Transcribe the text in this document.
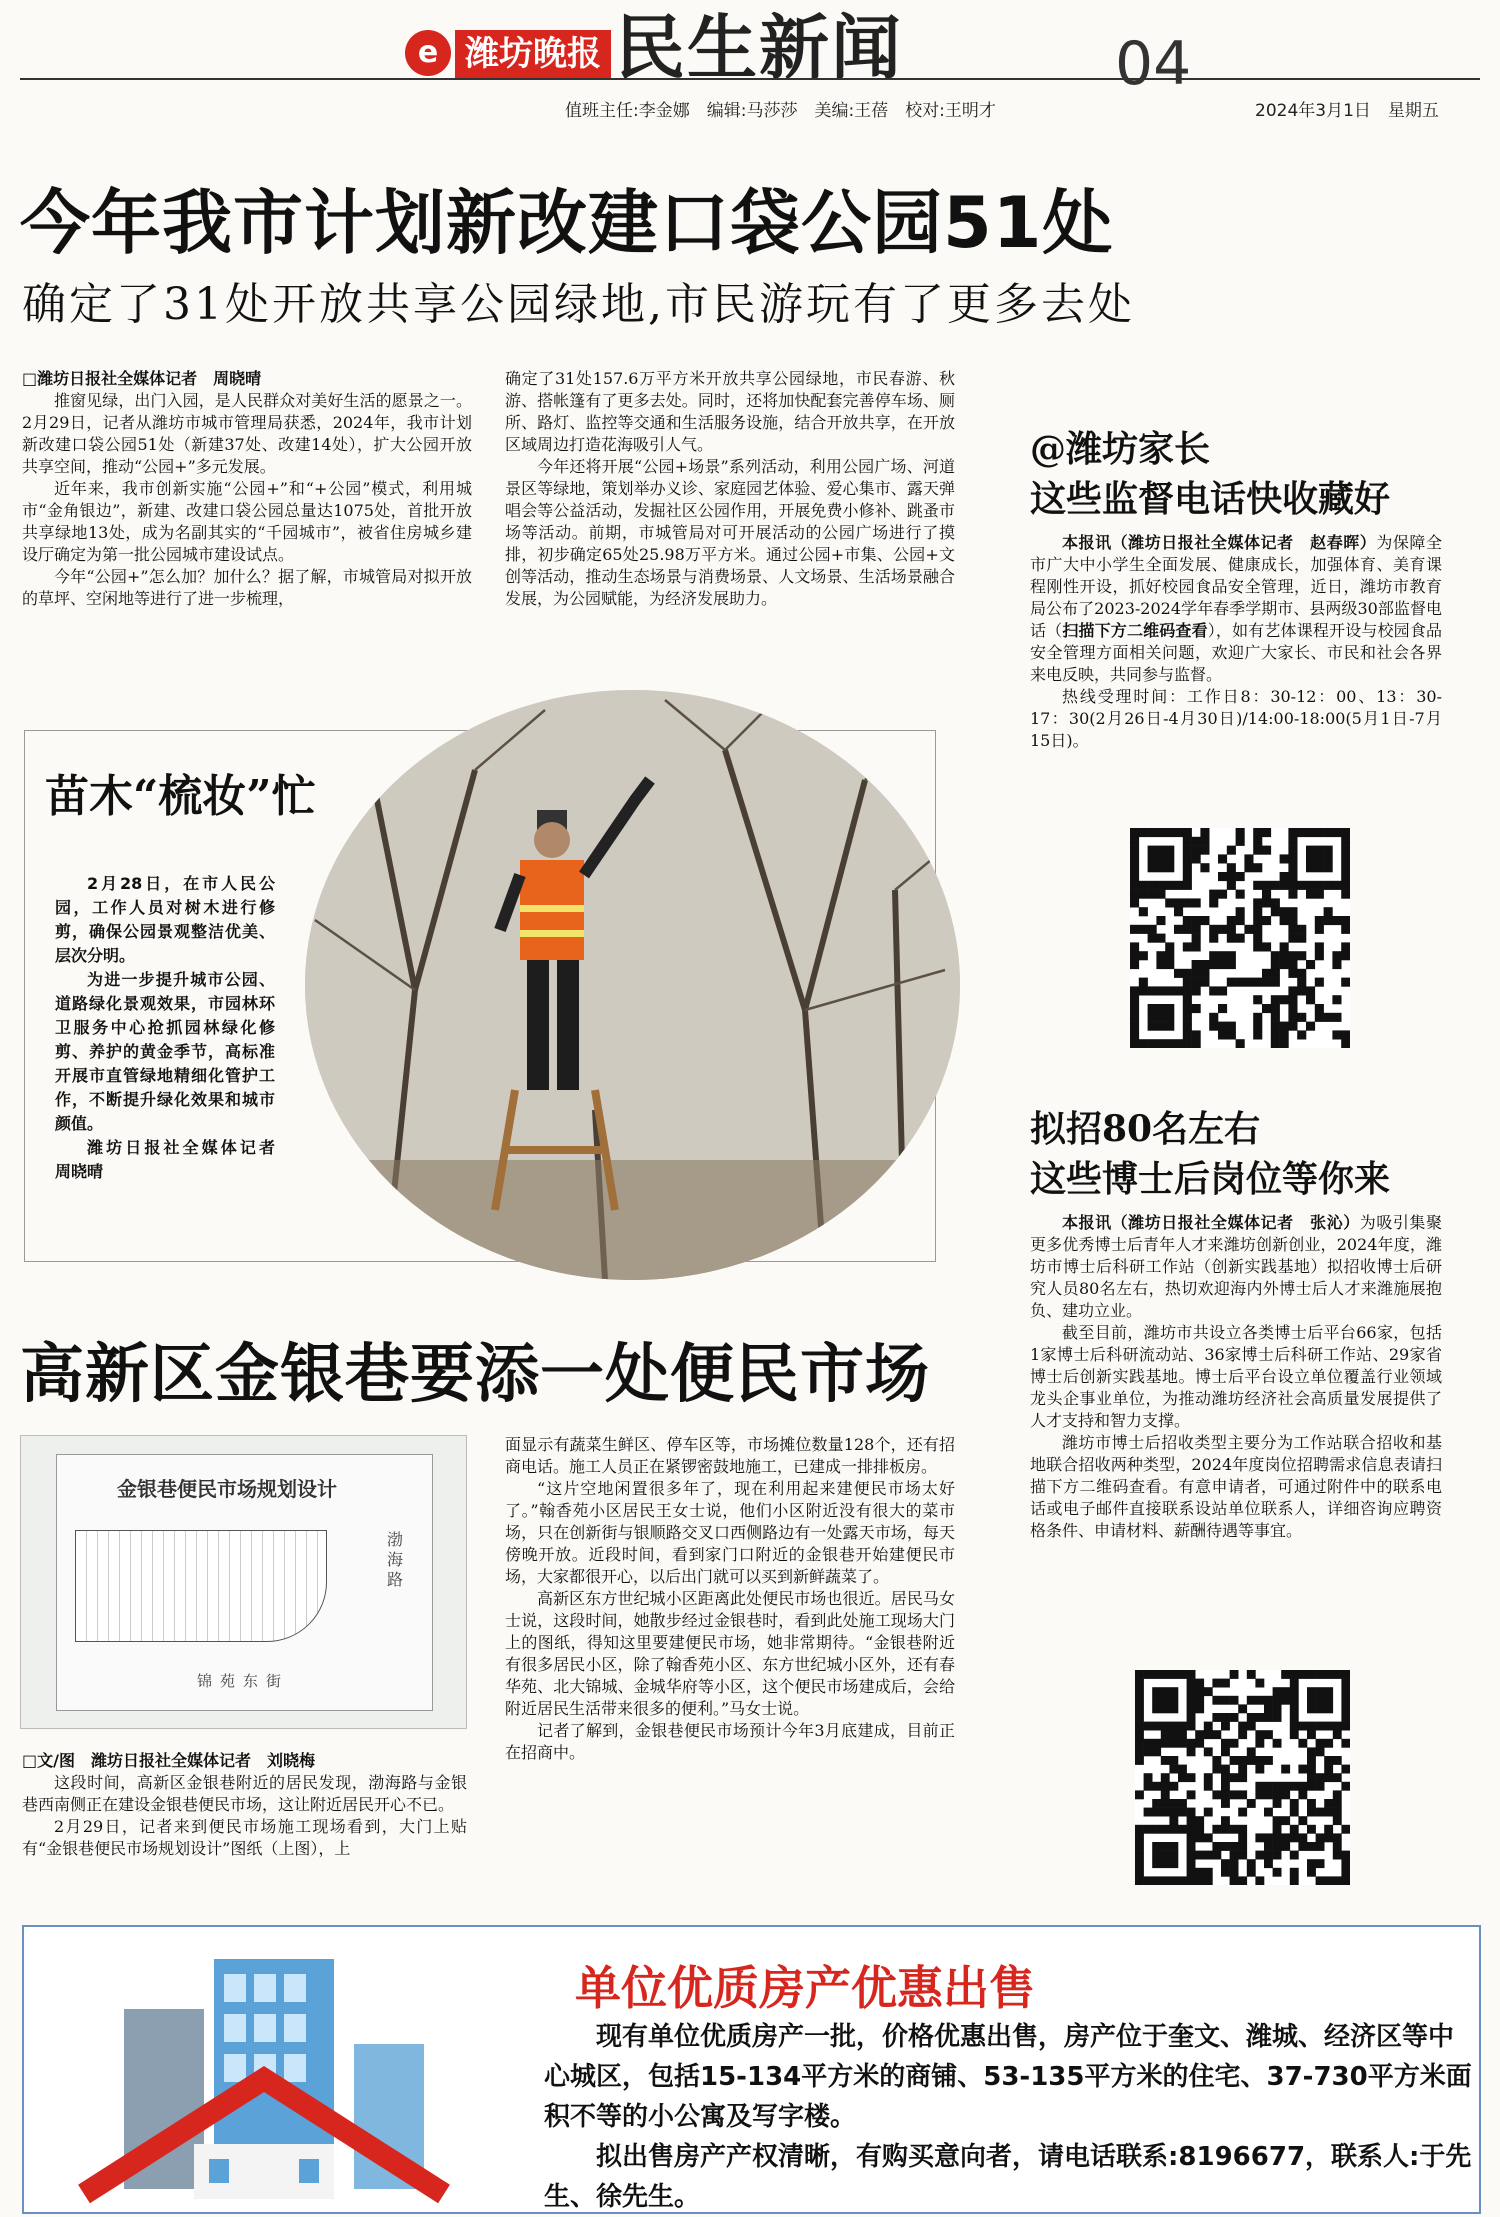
e 潍坊晚报 民生新闻	04
值班主任:李金娜　编辑:马莎莎　美编:王蓓　校对:王明才	2024年3月1日　星期五
今年我市计划新改建口袋公园51处
确定了31处开放共享公园绿地,市民游玩有了更多去处
□潍坊日报社全媒体记者　周晓晴
推窗见绿，出门入园，是人民群众对美好生活的愿景之一。2月29日，记者从潍坊市城市管理局获悉，2024年，我市计划新改建口袋公园51处（新建37处、改建14处），扩大公园开放共享空间，推动“公园+”多元发展。
近年来，我市创新实施“公园+”和“+公园”模式，利用城市“金角银边”，新建、改建口袋公园总量达1075处，首批开放共享绿地13处，成为名副其实的“千园城市”，被省住房城乡建设厅确定为第一批公园城市建设试点。
今年“公园+”怎么加？加什么？据了解，市城管局对拟开放的草坪、空闲地等进行了进一步梳理，
确定了31处157.6万平方米开放共享公园绿地，市民春游、秋游、搭帐篷有了更多去处。同时，还将加快配套完善停车场、厕所、路灯、监控等交通和生活服务设施，结合开放共享，在开放区域周边打造花海吸引人气。
今年还将开展“公园+场景”系列活动，利用公园广场、河道景区等绿地，策划举办义诊、家庭园艺体验、爱心集市、露天弹唱会等公益活动，发掘社区公园作用，开展免费小修补、跳蚤市场等活动。前期，市城管局对可开展活动的公园广场进行了摸排，初步确定65处25.98万平方米。通过公园+市集、公园+文创等活动，推动生态场景与消费场景、人文场景、生活场景融合发展，为公园赋能，为经济发展助力。
苗木“梳妆”忙
2月28日，在市人民公园，工作人员对树木进行修剪，确保公园景观整洁优美、层次分明。
为进一步提升城市公园、道路绿化景观效果，市园林环卫服务中心抢抓园林绿化修剪、养护的黄金季节，高标准开展市直管绿地精细化管护工作，不断提升绿化效果和城市颜值。
潍坊日报社全媒体记者　周晓晴
@潍坊家长
这些监督电话快收藏好
本报讯（潍坊日报社全媒体记者　赵春晖）为保障全市广大中小学生全面发展、健康成长，加强体育、美育课程刚性开设，抓好校园食品安全管理，近日，潍坊市教育局公布了2023-2024学年春季学期市、县两级30部监督电话（扫描下方二维码查看），如有艺体课程开设与校园食品安全管理方面相关问题，欢迎广大家长、市民和社会各界来电反映，共同参与监督。
热线受理时间：工作日8：30-12：00、13：30-17：30(2月26日-4月30日)/14:00-18:00(5月1日-7月15日)。
拟招80名左右
这些博士后岗位等你来
本报讯（潍坊日报社全媒体记者　张沁）为吸引集聚更多优秀博士后青年人才来潍坊创新创业，2024年度，潍坊市博士后科研工作站（创新实践基地）拟招收博士后研究人员80名左右，热切欢迎海内外博士后人才来潍施展抱负、建功立业。
截至目前，潍坊市共设立各类博士后平台66家，包括1家博士后科研流动站、36家博士后科研工作站、29家省博士后创新实践基地。博士后平台设立单位覆盖行业领域龙头企事业单位，为推动潍坊经济社会高质量发展提供了人才支持和智力支撑。
潍坊市博士后招收类型主要分为工作站联合招收和基地联合招收两种类型，2024年度岗位招聘需求信息表请扫描下方二维码查看。有意申请者，可通过附件中的联系电话或电子邮件直接联系设站单位联系人，详细咨询应聘资格条件、申请材料、薪酬待遇等事宜。
高新区金银巷要添一处便民市场
金银巷便民市场规划设计
渤海路
锦苑东街
□文/图　潍坊日报社全媒体记者　刘晓梅
这段时间，高新区金银巷附近的居民发现，渤海路与金银巷西南侧正在建设金银巷便民市场，这让附近居民开心不已。
2月29日，记者来到便民市场施工现场看到，大门上贴有“金银巷便民市场规划设计”图纸（上图），上
面显示有蔬菜生鲜区、停车区等，市场摊位数量128个，还有招商电话。施工人员正在紧锣密鼓地施工，已建成一排排板房。
“这片空地闲置很多年了，现在利用起来建便民市场太好了。”翰香苑小区居民王女士说，他们小区附近没有很大的菜市场，只在创新街与银顺路交叉口西侧路边有一处露天市场，每天傍晚开放。近段时间，看到家门口附近的金银巷开始建便民市场，大家都很开心，以后出门就可以买到新鲜蔬菜了。
高新区东方世纪城小区距离此处便民市场也很近。居民马女士说，这段时间，她散步经过金银巷时，看到此处施工现场大门上的图纸，得知这里要建便民市场，她非常期待。“金银巷附近有很多居民小区，除了翰香苑小区、东方世纪城小区外，还有春华苑、北大锦城、金城华府等小区，这个便民市场建成后，会给附近居民生活带来很多的便利。”马女士说。
记者了解到，金银巷便民市场预计今年3月底建成，目前正在招商中。
单位优质房产优惠出售
现有单位优质房产一批，价格优惠出售，房产位于奎文、潍城、经济区等中心城区，包括15-134平方米的商铺、53-135平方米的住宅、37-730平方米面积不等的小公寓及写字楼。
拟出售房产产权清晰，有购买意向者，请电话联系:8196677，联系人:于先生、徐先生。
